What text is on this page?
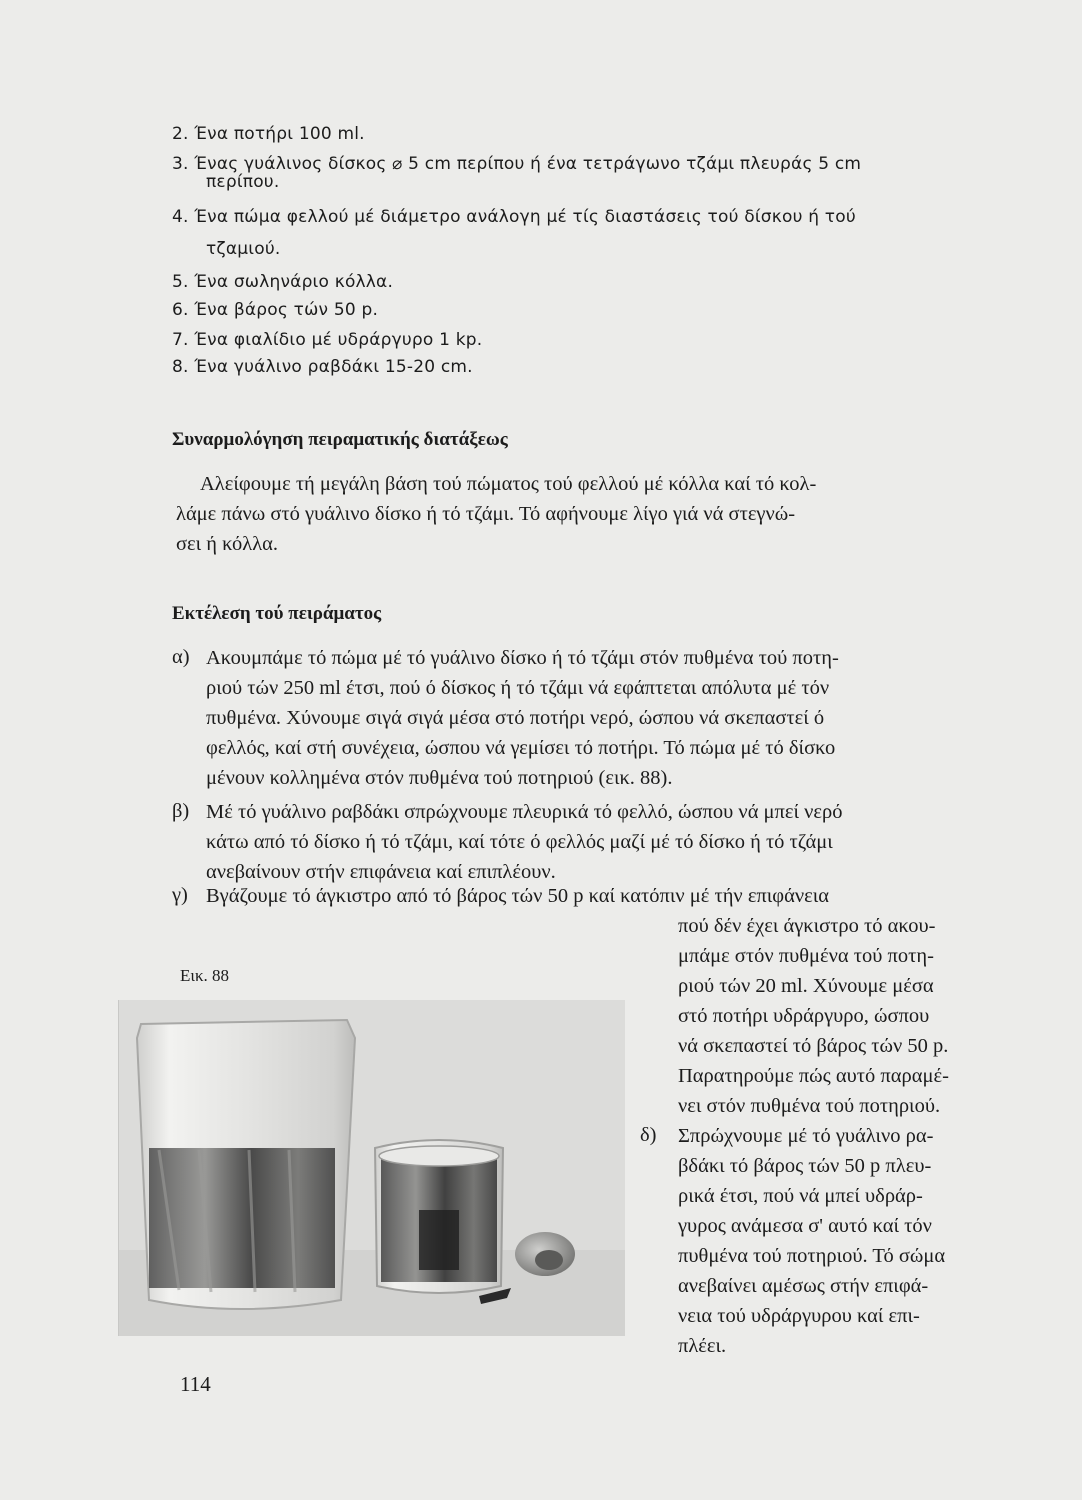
2. Ένα ποτήρι 100 ml.
3. Ένας γυάλινος δίσκος ⌀ 5 cm περίπου ή ένα τετράγωνο τζάμι πλευράς 5 cm
περίπου.
4. Ένα πώμα φελλού μέ διάμετρο ανάλογη μέ τίς διαστάσεις τού δίσκου ή τού
τζαμιού.
5. Ένα σωληνάριο κόλλα.
6. Ένα βάρος τών 50 p.
7. Ένα φιαλίδιο μέ υδράργυρο 1 kp.
8. Ένα γυάλινο ραβδάκι 15-20 cm.
Συναρμολόγηση πειραματικής διατάξεως
Αλείφουμε τή μεγάλη βάση τού πώματος τού φελλού μέ κόλλα καί τό κολ-
λάμε πάνω στό γυάλινο δίσκο ή τό τζάμι. Τό αφήνουμε λίγο γιά νά στεγνώ-
σει ή κόλλα.
Εκτέλεση τού πειράματος
α) Ακουμπάμε τό πώμα μέ τό γυάλινο δίσκο ή τό τζάμι στόν πυθμένα τού ποτη-
ριού τών 250 ml έτσι, πού ό δίσκος ή τό τζάμι νά εφάπτεται απόλυτα μέ τόν
πυθμένα. Χύνουμε σιγά σιγά μέσα στό ποτήρι νερό, ώσπου νά σκεπαστεί ό
φελλός, καί στή συνέχεια, ώσπου νά γεμίσει τό ποτήρι. Τό πώμα μέ τό δίσκο
μένουν κολλημένα στόν πυθμένα τού ποτηριού (εικ. 88).
β) Μέ τό γυάλινο ραβδάκι σπρώχνουμε πλευρικά τό φελλό, ώσπου νά μπεί νερό
κάτω από τό δίσκο ή τό τζάμι, καί τότε ό φελλός μαζί μέ τό δίσκο ή τό τζάμι
ανεβαίνουν στήν επιφάνεια καί επιπλέουν.
γ) Βγάζουμε τό άγκιστρο από τό βάρος τών 50 p καί κατόπιν μέ τήν επιφάνεια
πού δέν έχει άγκιστρο τό ακου-
μπάμε στόν πυθμένα τού ποτη-
ριού τών 20 ml. Χύνουμε μέσα
στό ποτήρι υδράργυρο, ώσπου
νά σκεπαστεί τό βάρος τών 50 p.
Παρατηρούμε πώς αυτό παραμέ-
νει στόν πυθμένα τού ποτηριού.
δ) Σπρώχνουμε μέ τό γυάλινο ρα-
βδάκι τό βάρος τών 50 p πλευ-
ρικά έτσι, πού νά μπεί υδράρ-
γυρος ανάμεσα σ' αυτό καί τόν
πυθμένα τού ποτηριού. Τό σώμα
ανεβαίνει αμέσως στήν επιφά-
νεια τού υδράργυρου καί επι-
πλέει.
Εικ. 88
114
